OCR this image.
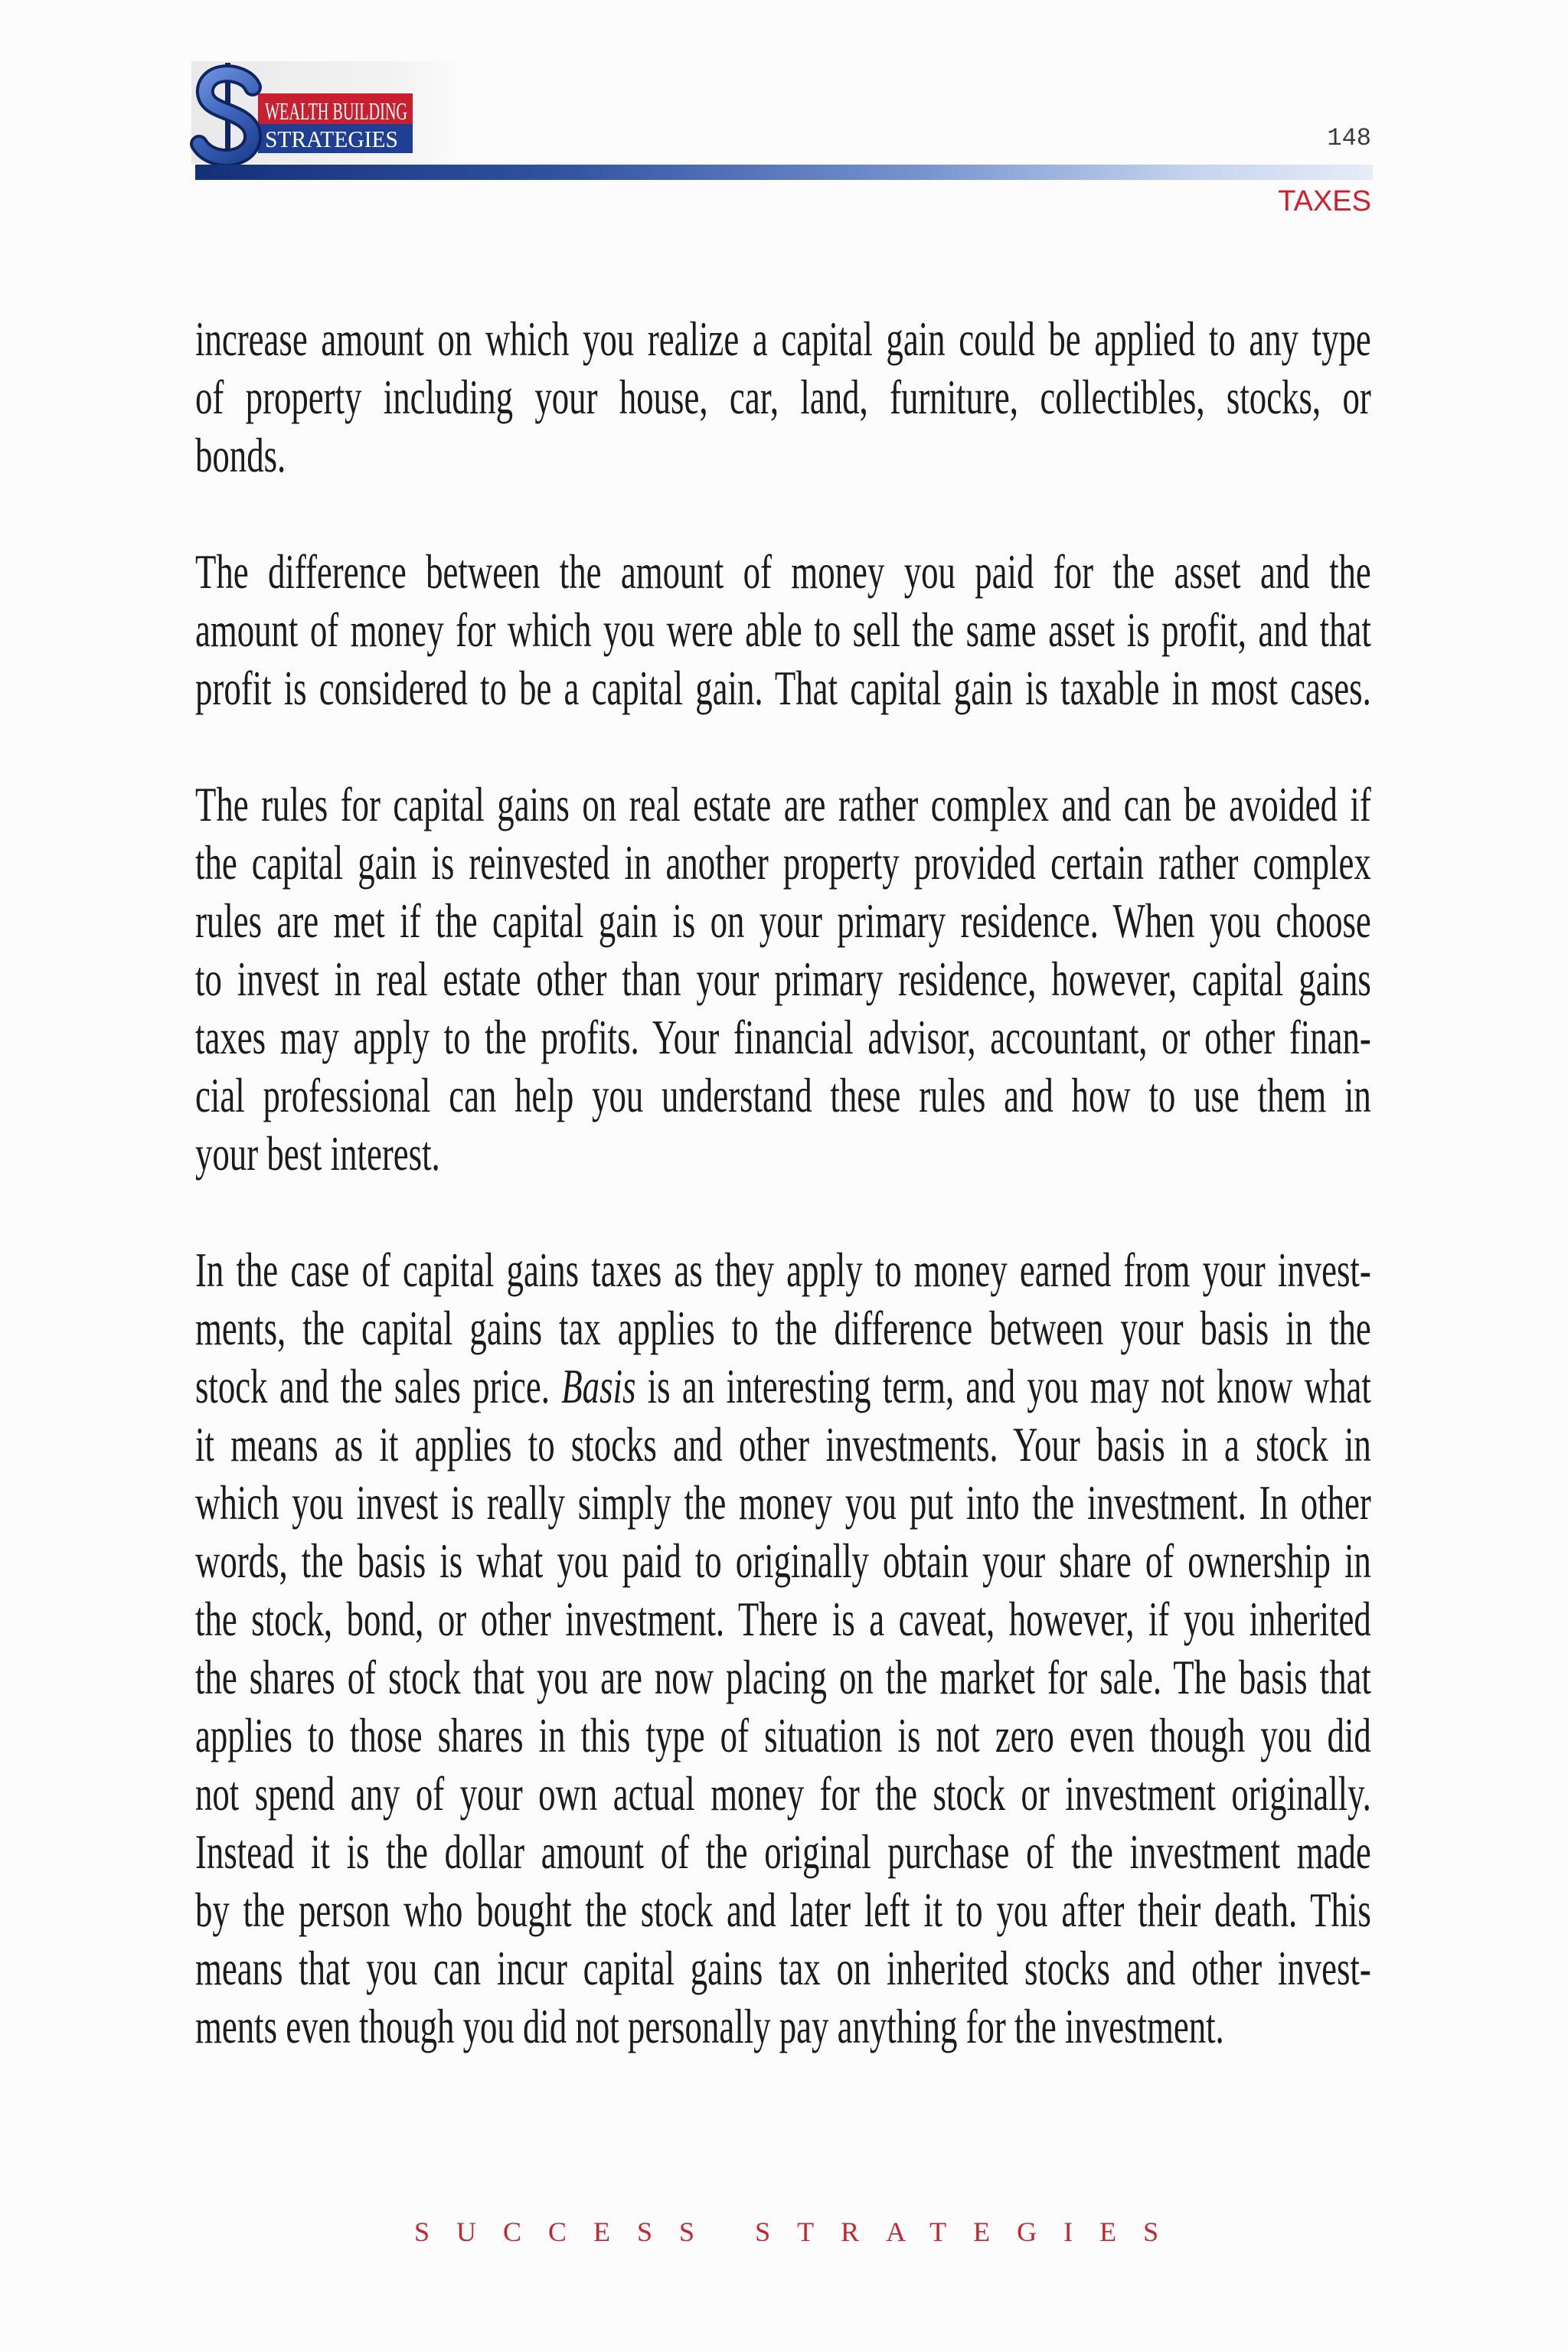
WEALTH BUILDING
STRATEGIES	148
TAXES
increase amount on which you realize a capital gain could be applied to any type
of property including your house, car, land, furniture, collectibles, stocks, or
bonds.
The difference between the amount of money you paid for the asset and the
amount of money for which you were able to sell the same asset is profit, and that
profit is considered to be a capital gain. That capital gain is taxable in most cases.
The rules for capital gains on real estate are rather complex and can be avoided if
the capital gain is reinvested in another property provided certain rather complex
rules are met if the capital gain is on your primary residence. When you choose
to invest in real estate other than your primary residence, however, capital gains
taxes may apply to the profits. Your financial advisor, accountant, or other finan-
cial professional can help you understand these rules and how to use them in
your best interest.
In the case of capital gains taxes as they apply to money earned from your invest-
ments, the capital gains tax applies to the difference between your basis in the
stock and the sales price. Basis is an interesting term, and you may not know what
it means as it applies to stocks and other investments. Your basis in a stock in
which you invest is really simply the money you put into the investment. In other
words, the basis is what you paid to originally obtain your share of ownership in
the stock, bond, or other investment. There is a caveat, however, if you inherited
the shares of stock that you are now placing on the market for sale. The basis that
applies to those shares in this type of situation is not zero even though you did
not spend any of your own actual money for the stock or investment originally.
Instead it is the dollar amount of the original purchase of the investment made
by the person who bought the stock and later left it to you after their death. This
means that you can incur capital gains tax on inherited stocks and other invest-
ments even though you did not personally pay anything for the investment.
SUCCESS STRATEGIES
